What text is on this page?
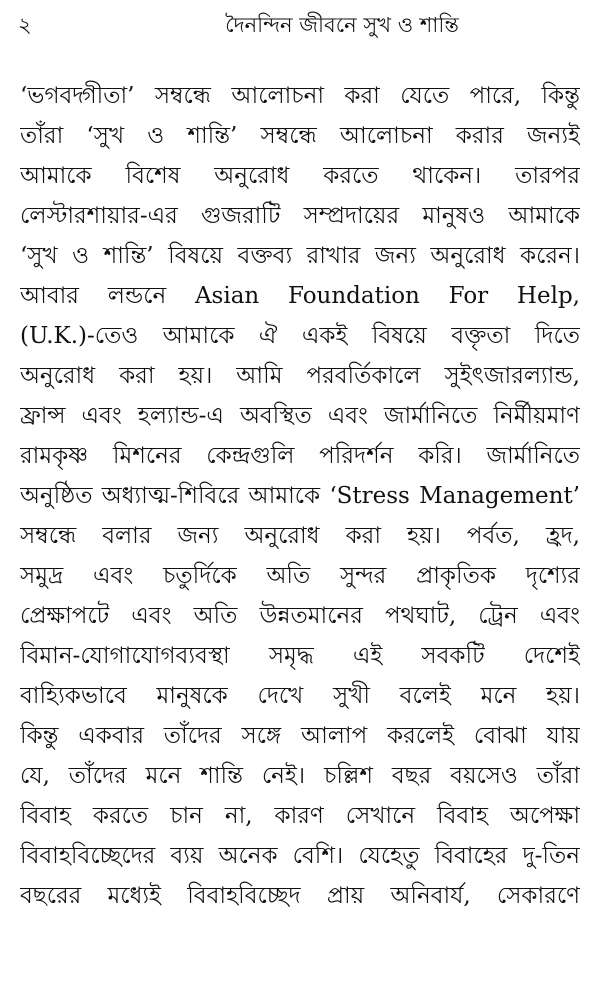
২	দৈনন্দিন জীবনে সুখ ও শান্তি
‘ভগবদ্গীতা’ সম্বন্ধে আলোচনা করা যেতে পারে, কিন্তু
তাঁরা ‘সুখ ও শান্তি’ সম্বন্ধে আলোচনা করার জন্যই
আমাকে বিশেষ অনুরোধ করতে থাকেন। তারপর
লেস্টারশায়ার-এর গুজরাটি সম্প্রদায়ের মানুষও আমাকে
‘সুখ ও শান্তি’ বিষয়ে বক্তব্য রাখার জন্য অনুরোধ করেন।
আবার লন্ডনে Asian Foundation For Help,
(U.K.)-তেও আমাকে ঐ একই বিষয়ে বক্তৃতা দিতে
অনুরোধ করা হয়। আমি পরবর্তিকালে সুইৎজারল্যান্ড,
ফ্রান্স এবং হল্যান্ড-এ অবস্থিত এবং জার্মানিতে নির্মীয়মাণ
রামকৃষ্ণ মিশনের কেন্দ্রগুলি পরিদর্শন করি। জার্মানিতে
অনুষ্ঠিত অধ্যাত্ম-শিবিরে আমাকে ‘Stress Management’
সম্বন্ধে বলার জন্য অনুরোধ করা হয়। পর্বত, হ্রদ,
সমুদ্র এবং চতুর্দিকে অতি সুন্দর প্রাকৃতিক দৃশ্যের
প্রেক্ষাপটে এবং অতি উন্নতমানের পথঘাট, ট্রেন এবং
বিমান-যোগাযোগব্যবস্থা সমৃদ্ধ এই সবকটি দেশেই
বাহ্যিকভাবে মানুষকে দেখে সুখী বলেই মনে হয়।
কিন্তু একবার তাঁদের সঙ্গে আলাপ করলেই বোঝা যায়
যে, তাঁদের মনে শান্তি নেই। চল্লিশ বছর বয়সেও তাঁরা
বিবাহ করতে চান না, কারণ সেখানে বিবাহ অপেক্ষা
বিবাহবিচ্ছেদের ব্যয় অনেক বেশি। যেহেতু বিবাহের দু-তিন
বছরের মধ্যেই বিবাহবিচ্ছেদ প্রায় অনিবার্য, সেকারণে
